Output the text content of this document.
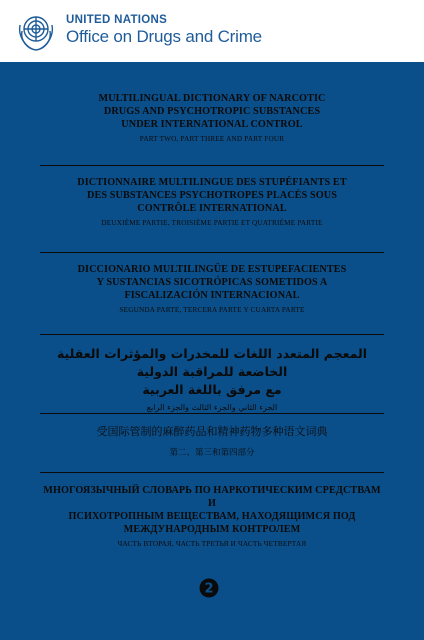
UNITED NATIONS
Office on Drugs and Crime
MULTILINGUAL DICTIONARY OF NARCOTIC
DRUGS AND PSYCHOTROPIC SUBSTANCES
UNDER INTERNATIONAL CONTROL
PART TWO, PART THREE AND PART FOUR
DICTIONNAIRE MULTILINGUE DES STUPÉFIANTS ET
DES SUBSTANCES PSYCHOTROPES PLACÉS SOUS
CONTRÔLE INTERNATIONAL
DEUXIÈME PARTIE, TROISIÈME PARTIE ET QUATRIÈME PARTIE
DICCIONARIO MULTILINGÜE DE ESTUPEFACIENTES
Y SUSTANCIAS SICOTRÓPICAS SOMETIDOS A
FISCALIZACIÓN INTERNACIONAL
SEGUNDA PARTE, TERCERA PARTE Y CUARTA PARTE
المعجم المتعدد اللغات للمخدرات والمؤثرات العقلية الخاضعة للمراقبة الدولية
مع مرفق باللغة العربية
الجزء الثاني والجزء الثالث والجزء الرابع
受国际管制的麻醉药品和精神药物多种语文词典
第二、第三和第四部分
МНОГОЯЗЫЧНЫЙ СЛОВАРЬ ПО НАРКОТИЧЕСКИМ СРЕДСТВАМ И
ПСИХОТРОПНЫМ ВЕЩЕСТВАМ, НАХОДЯЩИМСЯ ПОД
МЕЖДУНАРОДНЫМ КОНТРОЛЕМ
ЧАСТЬ ВТОРАЯ, ЧАСТЬ ТРЕТЬЯ И ЧАСТЬ ЧЕТВЕРТАЯ
2
